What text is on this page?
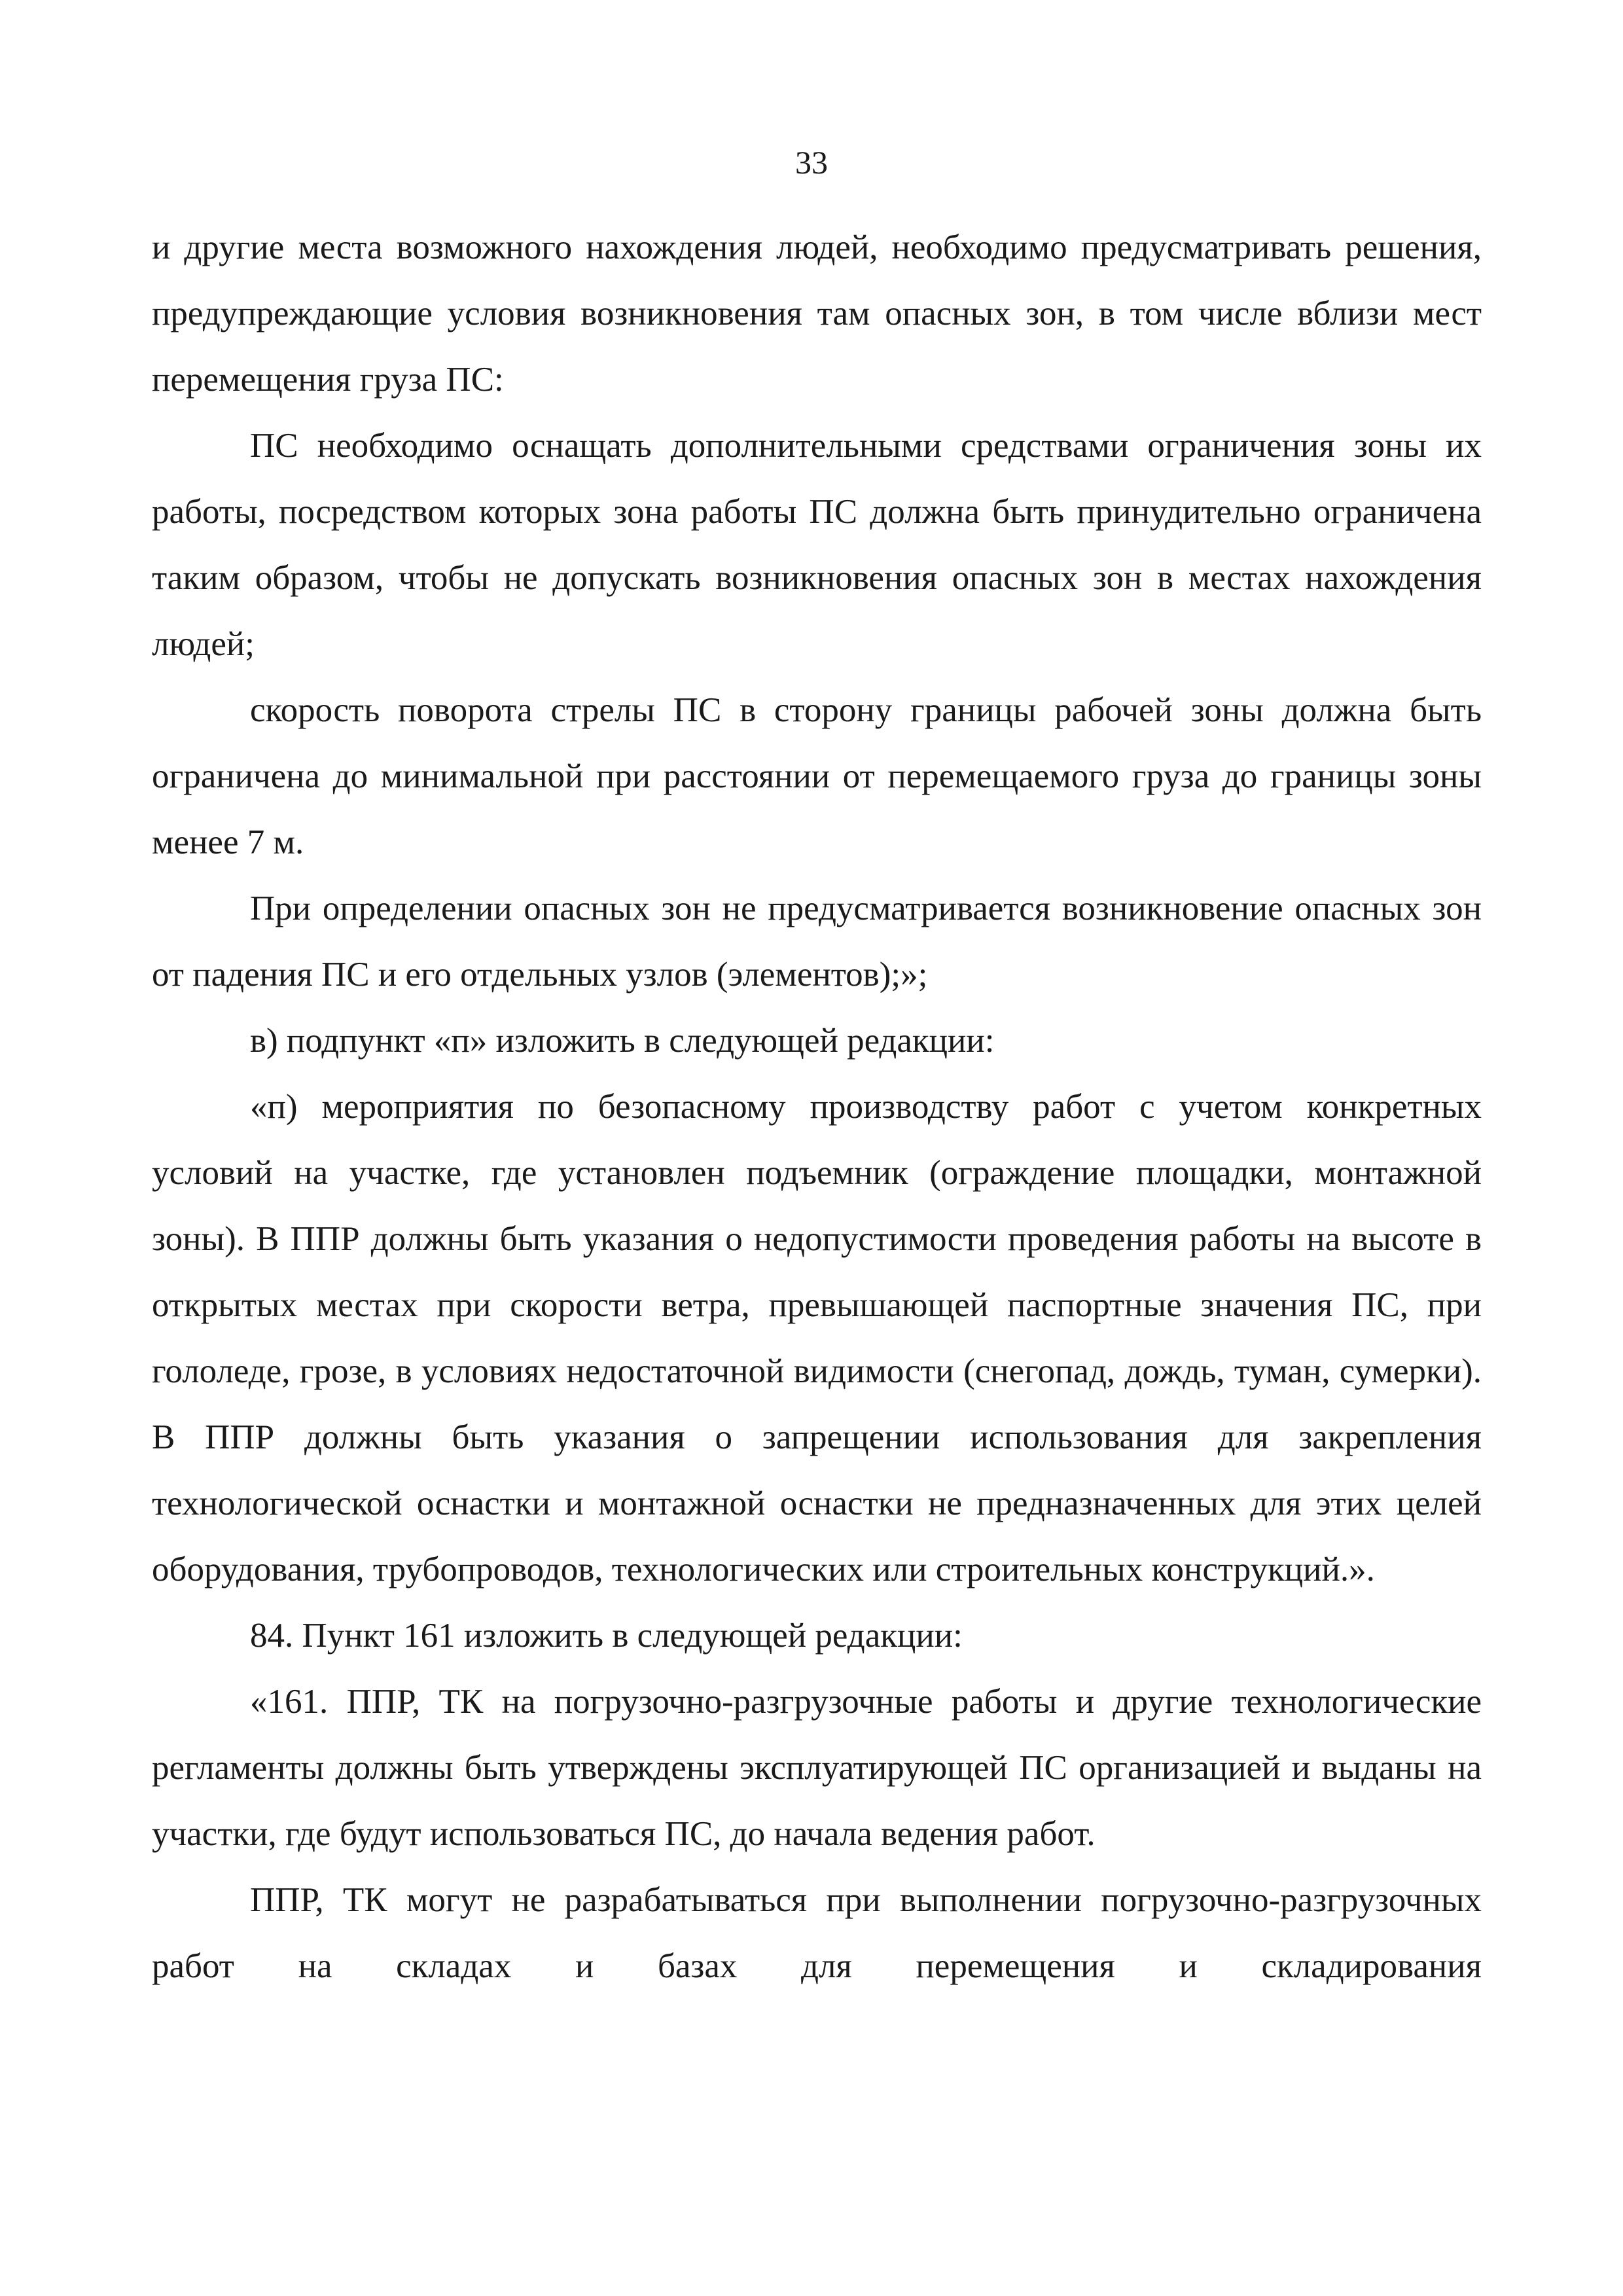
33

и другие места возможного нахождения людей, необходимо предусматривать решения, предупреждающие условия возникновения там опасных зон, в том числе вблизи мест перемещения груза ПС:

ПС необходимо оснащать дополнительными средствами ограничения зоны их работы, посредством которых зона работы ПС должна быть принудительно ограничена таким образом, чтобы не допускать возникновения опасных зон в местах нахождения людей;

скорость поворота стрелы ПС в сторону границы рабочей зоны должна быть ограничена до минимальной при расстоянии от перемещаемого груза до границы зоны менее 7 м.

При определении опасных зон не предусматривается возникновение опасных зон от падения ПС и его отдельных узлов (элементов);»;

в) подпункт «п» изложить в следующей редакции:

«п) мероприятия по безопасному производству работ с учетом конкретных условий на участке, где установлен подъемник (ограждение площадки, монтажной зоны). В ППР должны быть указания о недопустимости проведения работы на высоте в открытых местах при скорости ветра, превышающей паспортные значения ПС, при гололеде, грозе, в условиях недостаточной видимости (снегопад, дождь, туман, сумерки). В ППР должны быть указания о запрещении использования для закрепления технологической оснастки и монтажной оснастки не предназначенных для этих целей оборудования, трубопроводов, технологических или строительных конструкций.».

84. Пункт 161 изложить в следующей редакции:

«161. ППР, ТК на погрузочно-разгрузочные работы и другие технологические регламенты должны быть утверждены эксплуатирующей ПС организацией и выданы на участки, где будут использоваться ПС, до начала ведения работ.

ППР, ТК могут не разрабатываться при выполнении погрузочно-разгрузочных работ на складах и базах для перемещения и складирования
